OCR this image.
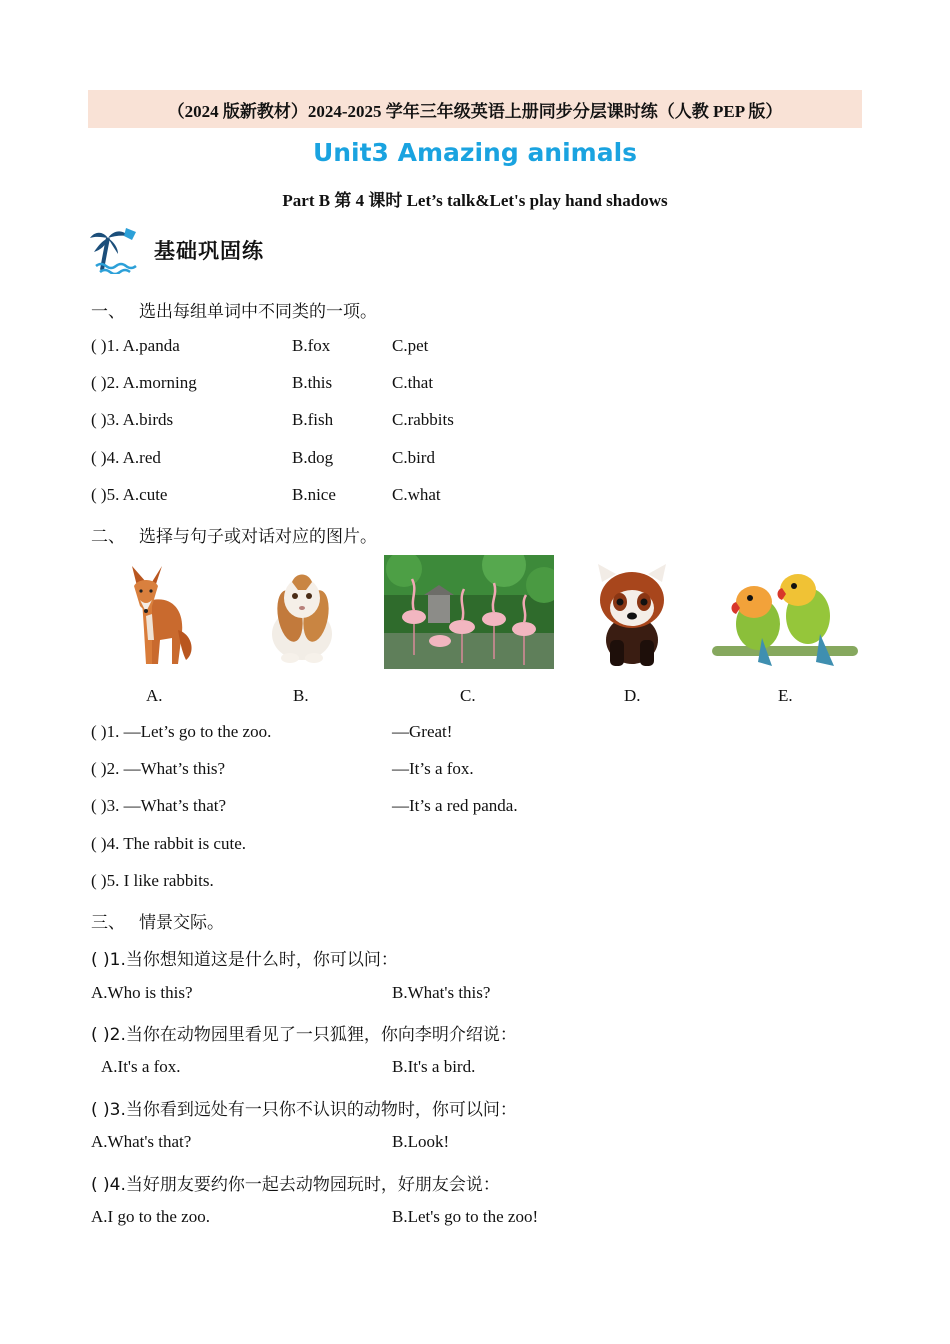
（2024 版新教材）2024-2025 学年三年级英语上册同步分层课时练（人教 PEP 版）
Unit3 Amazing animals
Part B 第 4 课时 Let’s talk&Let's play hand shadows
基础巩固练
一、 选出每组单词中不同类的一项。
( )1. A.panda	B.fox	C.pet
( )2. A.morning	B.this	C.that
( )3. A.birds	B.fish	C.rabbits
( )4. A.red	B.dog	C.bird
( )5. A.cute	B.nice	C.what
二、 选择与句子或对话对应的图片。
A.	B.	C.	D.	E.
( )1. —Let’s go to the zoo.	—Great!
( )2. —What’s this?	—It’s a fox.
( )3. —What’s that?	—It’s a red panda.
( )4. The rabbit is cute.
( )5. I like rabbits.
三、 情景交际。
( )1.当你想知道这是什么时，你可以问：
A.Who is this?	B.What's this?
( )2.当你在动物园里看见了一只狐狸，你向李明介绍说：
A.It's a fox.	B.It's a bird.
( )3.当你看到远处有一只你不认识的动物时，你可以问：
A.What's that?	B.Look!
( )4.当好朋友要约你一起去动物园玩时，好朋友会说：
A.I go to the zoo.	B.Let's go to the zoo!
